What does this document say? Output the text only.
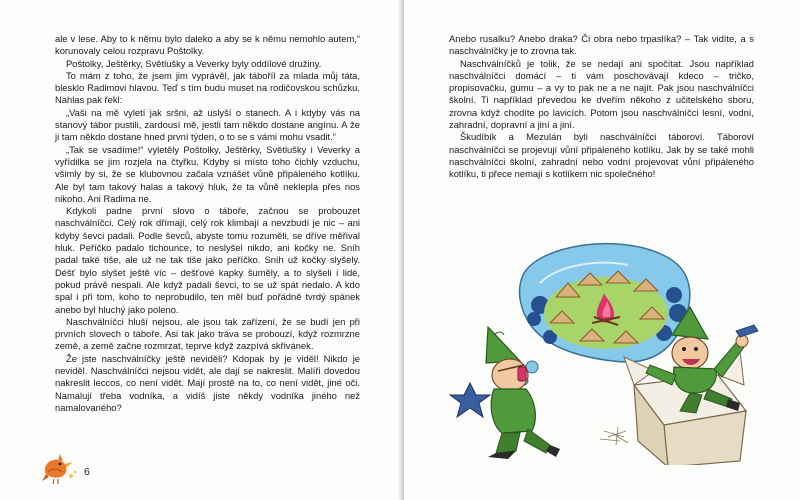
ale v lese. Aby to k němu bylo daleko a aby se k němu nemohlo autem,“ korunovaly celou rozpravu Poštolky.

Poštolky, Ještěrky, Světlušky a Veverky byly oddílové družiny.

To mám z toho, že jsem jim vyprávěl, jak táboříl za mlada můj táta, blesklo Radimovi hlavou. Teď s tím budu muset na rodičovskou schůzku. Nahlas pak řekl:

„Vaši na mě vyletí jak sršni, až uslyší o stanech. A i kdyby vás na stanový tábor pustili, zardousí mě, jestli tam někdo dostane angínu. A že ji tam někdo dostane hned první týden, o to se s vámi mohu vsadit.“

„Tak se vsadíme!“ vyletěly Poštolky, Ještěrky, Světlušky i Veverky a vyřídilka se jim rozjela na čtyřku. Kdyby si místo toho čichly vzduchu, všimly by si, že se klubovnou začala vznášet vůně připáleného kotlíku. Ale byl tam takový halas a takový hluk, že ta vůně neklepla přes nos nikoho. Ani Radima ne.

Kdykoli padne první slovo o táboře, začnou se probouzet naschválníčci. Celý rok dřímají, celý rok klimbají a nevzbudí je nic – ani kdyby ševci padali. Podle ševců, abyste tomu rozuměli, se dříve měřival hluk. Peříčko padalo tichounce, to neslyšel nikdo, ani kočky ne. Sníh padal také tiše, ale už ne tak tiše jako peříčko. Sníh už kočky slyšely. Déšť bylo slyšet ještě víc – dešťové kapky šuměly, a to slyšeli i lidé, pokud právě nespali. Ale když padali ševci, to se už spát nedalo. A kdo spal i při tom, koho to neprobudilo, ten měl buď pořádně tvrdý spánek anebo byl hluchý jako poleno.

Naschválníčci hluší nejsou, ale jsou tak zařízení, že se budí jen při prvních slovech o táboře. Asi tak jako tráva se probouzí, když rozmrzne země, a země začne rozmrzat, teprve když zazpívá skřivánek.

Že jste naschválníčky ještě neviděli? Kdopak by je viděl! Nikdo je neviděl. Naschválníčci nejsou vidět, ale dají se nakreslit. Malíři dovedou nakreslit leccos, co není vidět. Mají prostě na to, co není vidět, jiné oči. Namalují třeba vodníka, a vidíš jiste někdy vodníka jiného než namalovaného?

6

Anebo rusalku? Anebo draka? Či obra nebo trpaslíka? – Tak vidíte, a s naschválníčky je to zrovna tak.

Naschválníčků je tolik, že se nedají ani spočítat. Jsou například naschválníčci domácí – ti vám poschovávají kdeco – tričko, propisovačku, gumu – a vy to pak ne a ne najít. Pak jsou naschválníčci školní. Ti například převedou ke dveřím někoho z učitelského sboru, zrovna když chodíte po lavicích. Potom jsou naschválníčci lesní, vodní, zahradní, dopravní a jiní a jiní.

Škudíbík a Mezulán byli naschválníčci táboroví. Táboroví naschválníčci se projevují vůní připáleného kotlíku. Jak by se také mohli naschválníčci školní, zahradní nebo vodní projevovat vůní připáleného kotlíku, ti přece nemají s kotlíkem nic společného!
